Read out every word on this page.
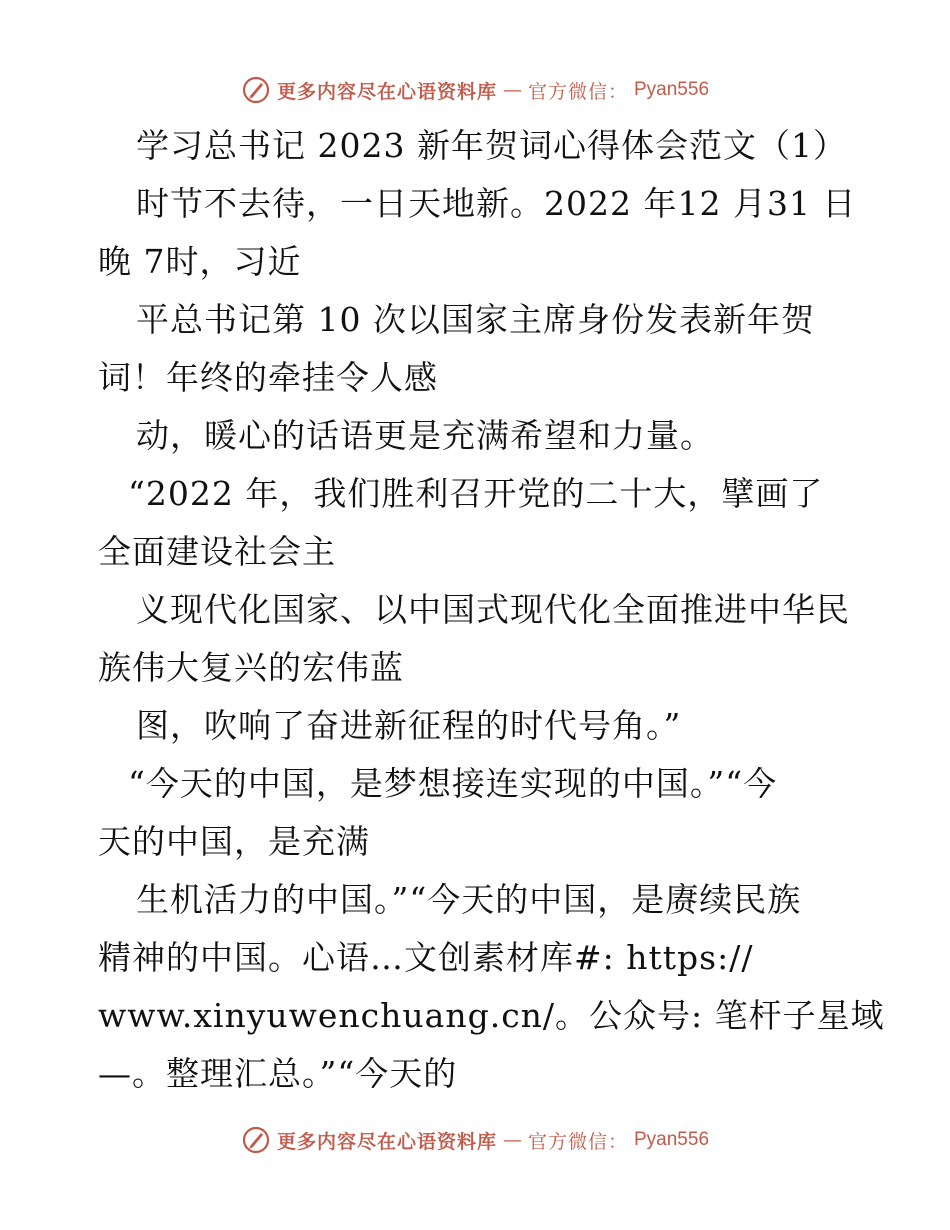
更多内容尽在心语资料库 — 官方微信： Pyan556
学习总书记 2023 新年贺词心得体会范文（1）
时节不去待，一日天地新。2022 年12 月31 日
晚 7时，习近
平总书记第 10 次以国家主席身份发表新年贺
词！年终的牵挂令人感
动，暖心的话语更是充满希望和力量。
“2022 年，我们胜利召开党的二十大，擘画了
全面建设社会主
义现代化国家、以中国式现代化全面推进中华民
族伟大复兴的宏伟蓝
图，吹响了奋进新征程的时代号角。”
“今天的中国，是梦想接连实现的中国。”“今
天的中国，是充满
生机活力的中国。”“今天的中国，是赓续民族
精神的中国。心语…文创素材库#: https://
www.xinyuwenchuang.cn/。公众号: 笔杆子星域
—。整理汇总。”“今天的
更多内容尽在心语资料库 — 官方微信： Pyan556
